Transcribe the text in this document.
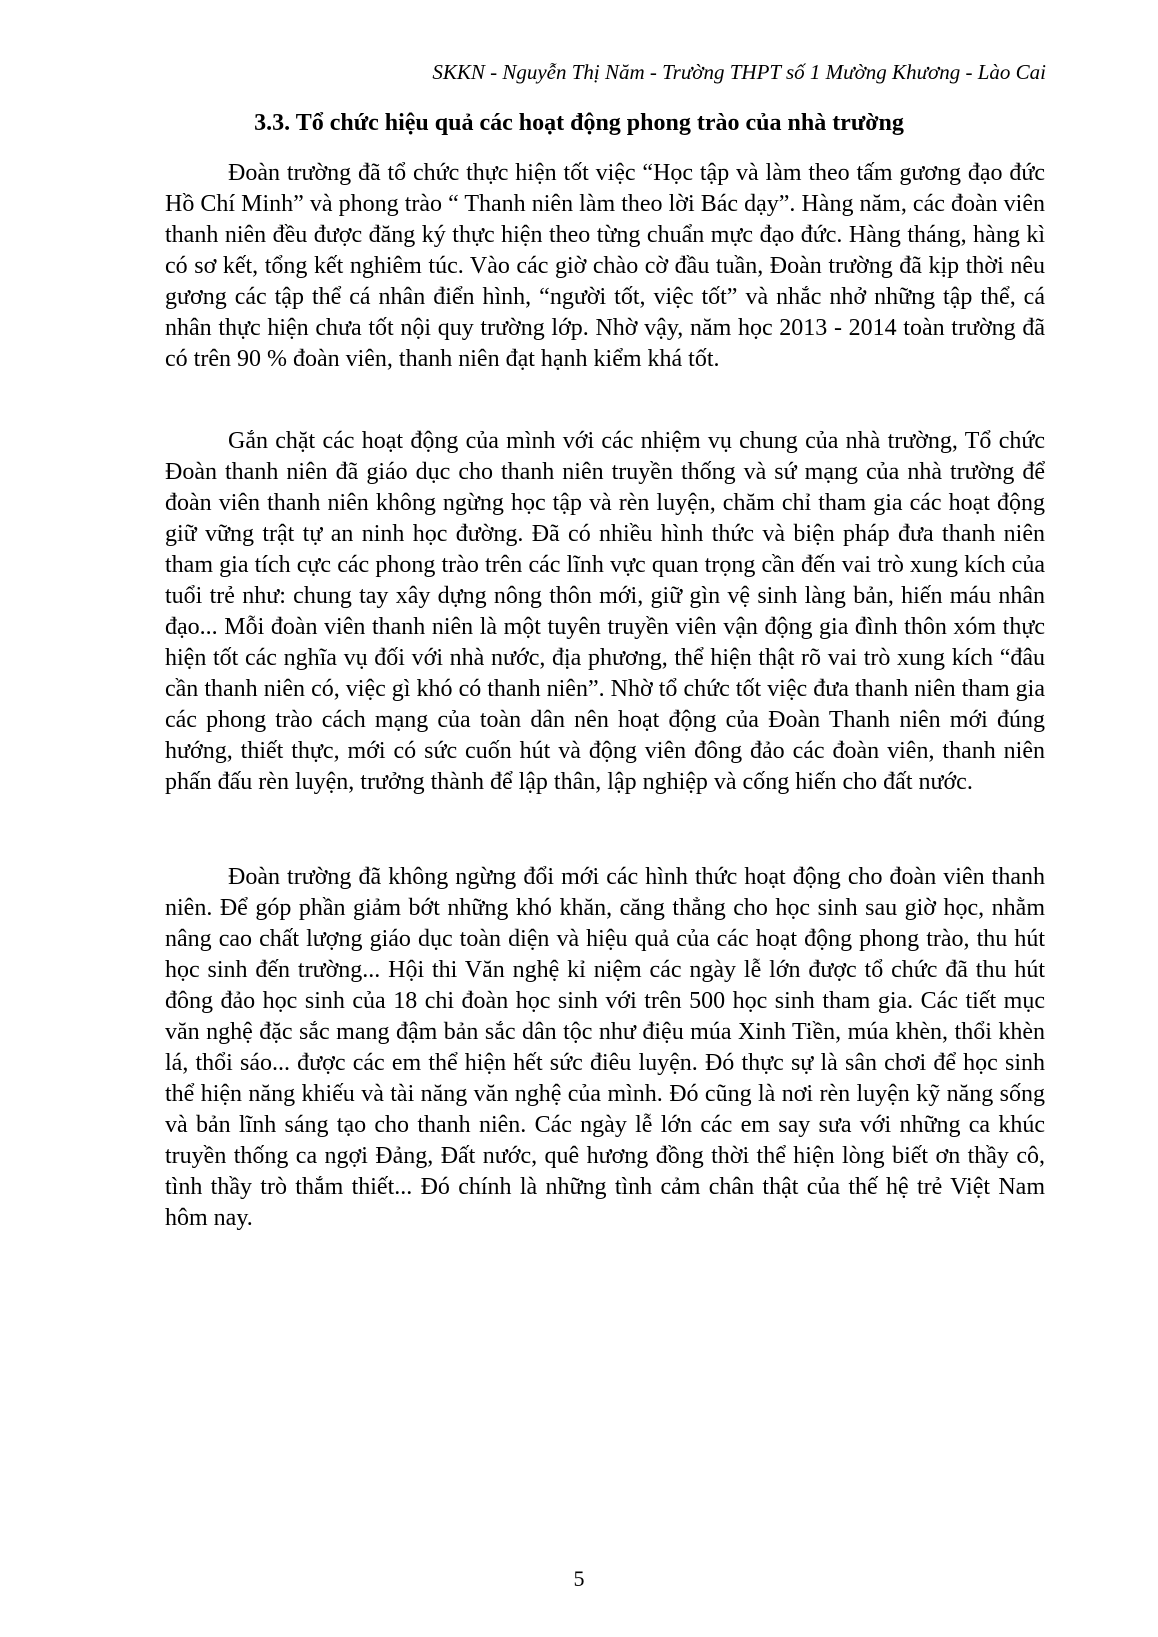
SKKN - Nguyễn Thị Năm - Trường THPT số 1 Mường Khương - Lào Cai
3.3. Tổ chức hiệu quả các hoạt động phong trào của nhà trường

Đoàn trường đã tổ chức thực hiện tốt việc “Học tập và làm theo tấm gương đạo đức Hồ Chí Minh” và phong trào “ Thanh niên làm theo lời Bác dạy”. Hàng năm, các đoàn viên thanh niên đều được đăng ký thực hiện theo từng chuẩn mực đạo đức. Hàng tháng, hàng kì có sơ kết, tổng kết nghiêm túc. Vào các giờ chào cờ đầu tuần, Đoàn trường đã kịp thời nêu gương các tập thể cá nhân điển hình, “người tốt, việc tốt” và nhắc nhở những tập thể, cá nhân thực hiện chưa tốt nội quy trường lớp. Nhờ vậy, năm học 2013 - 2014 toàn trường đã có trên 90 % đoàn viên, thanh niên đạt hạnh kiểm khá tốt.

Gắn chặt các hoạt động của mình với các nhiệm vụ chung của nhà trường, Tổ chức Đoàn thanh niên đã giáo dục cho thanh niên truyền thống và sứ mạng của nhà trường để đoàn viên thanh niên không ngừng học tập và rèn luyện, chăm chỉ tham gia các hoạt động giữ vững trật tự an ninh học đường. Đã có nhiều hình thức và biện pháp đưa thanh niên tham gia tích cực các phong trào trên các lĩnh vực quan trọng cần đến vai trò xung kích của tuổi trẻ như: chung tay xây dựng nông thôn mới, giữ gìn vệ sinh làng bản, hiến máu nhân đạo... Mỗi đoàn viên thanh niên là một tuyên truyền viên vận động gia đình thôn xóm thực hiện tốt các nghĩa vụ đối với nhà nước, địa phương, thể hiện thật rõ vai trò xung kích “đâu cần thanh niên có, việc gì khó có thanh niên”. Nhờ tổ chức tốt việc đưa thanh niên tham gia các phong trào cách mạng của toàn dân nên hoạt động của Đoàn Thanh niên mới đúng hướng, thiết thực, mới có sức cuốn hút và động viên đông đảo các đoàn viên, thanh niên phấn đấu rèn luyện, trưởng thành để lập thân, lập nghiệp và cống hiến cho đất nước.

Đoàn trường đã không ngừng đổi mới các hình thức hoạt động cho đoàn viên thanh niên. Để góp phần giảm bớt những khó khăn, căng thẳng cho học sinh sau giờ học, nhằm nâng cao chất lượng giáo dục toàn diện và hiệu quả của các hoạt động phong trào, thu hút học sinh đến trường... Hội thi Văn nghệ kỉ niệm các ngày lễ lớn được tổ chức đã thu hút đông đảo học sinh của 18 chi đoàn học sinh với trên 500 học sinh tham gia. Các tiết mục văn nghệ đặc sắc mang đậm bản sắc dân tộc như điệu múa Xinh Tiền, múa khèn, thổi khèn lá, thổi sáo... được các em thể hiện hết sức điêu luyện. Đó thực sự là sân chơi để học sinh thể hiện năng khiếu và tài năng văn nghệ của mình. Đó cũng là nơi rèn luyện kỹ năng sống và bản lĩnh sáng tạo cho thanh niên. Các ngày lễ lớn các em say sưa với những ca khúc truyền thống ca ngợi Đảng, Đất nước, quê hương đồng thời thể hiện lòng biết ơn thầy cô, tình thầy trò thắm thiết... Đó chính là những tình cảm chân thật của thế hệ trẻ Việt Nam hôm nay.

5
